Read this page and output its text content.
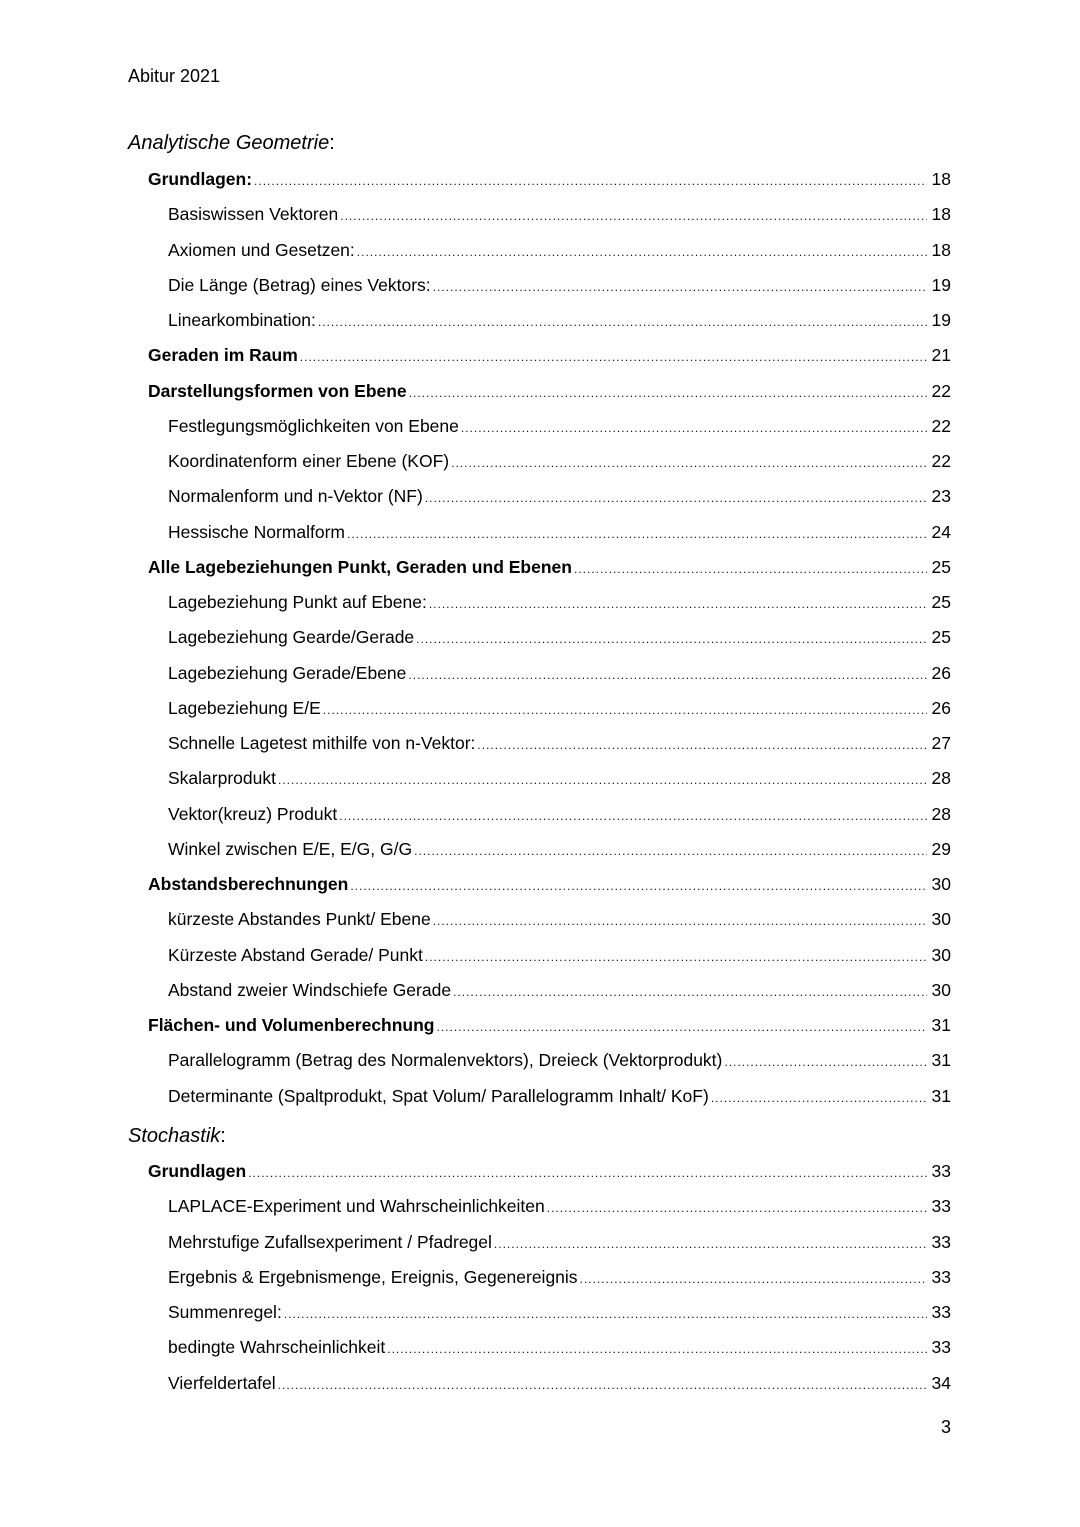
Abitur 2021
Analytische Geometrie:
Grundlagen: .....	18
Basiswissen Vektoren .....	18
Axiomen und Gesetzen: .....	18
Die Länge (Betrag) eines Vektors: .....	19
Linearkombination: .....	19
Geraden im Raum .....	21
Darstellungsformen von Ebene .....	22
Festlegungsmöglichkeiten von Ebene .....	22
Koordinatenform einer Ebene (KOF) .....	22
Normalenform und n-Vektor (NF) .....	23
Hessische Normalform .....	24
Alle Lagebeziehungen Punkt, Geraden und Ebenen .....	25
Lagebeziehung Punkt auf Ebene: .....	25
Lagebeziehung Gearde/Gerade .....	25
Lagebeziehung Gerade/Ebene .....	26
Lagebeziehung E/E .....	26
Schnelle Lagetest mithilfe von n-Vektor: .....	27
Skalarprodukt .....	28
Vektor(kreuz) Produkt .....	28
Winkel zwischen E/E, E/G, G/G .....	29
Abstandsberechnungen .....	30
kürzeste Abstandes Punkt/ Ebene .....	30
Kürzeste Abstand Gerade/ Punkt .....	30
Abstand zweier Windschiefe Gerade .....	30
Flächen- und Volumenberechnung .....	31
Parallelogramm (Betrag des Normalenvektors), Dreieck (Vektorprodukt) .....	31
Determinante (Spaltprodukt, Spat Volum/ Parallelogramm Inhalt/ KoF) .....	31
Stochastik:
Grundlagen .....	33
LAPLACE-Experiment und Wahrscheinlichkeiten .....	33
Mehrstufige Zufallsexperiment / Pfadregel .....	33
Ergebnis & Ergebnismenge, Ereignis, Gegenereignis .....	33
Summenregel: .....	33
bedingte Wahrscheinlichkeit .....	33
Vierfeldertafel .....	34
3
